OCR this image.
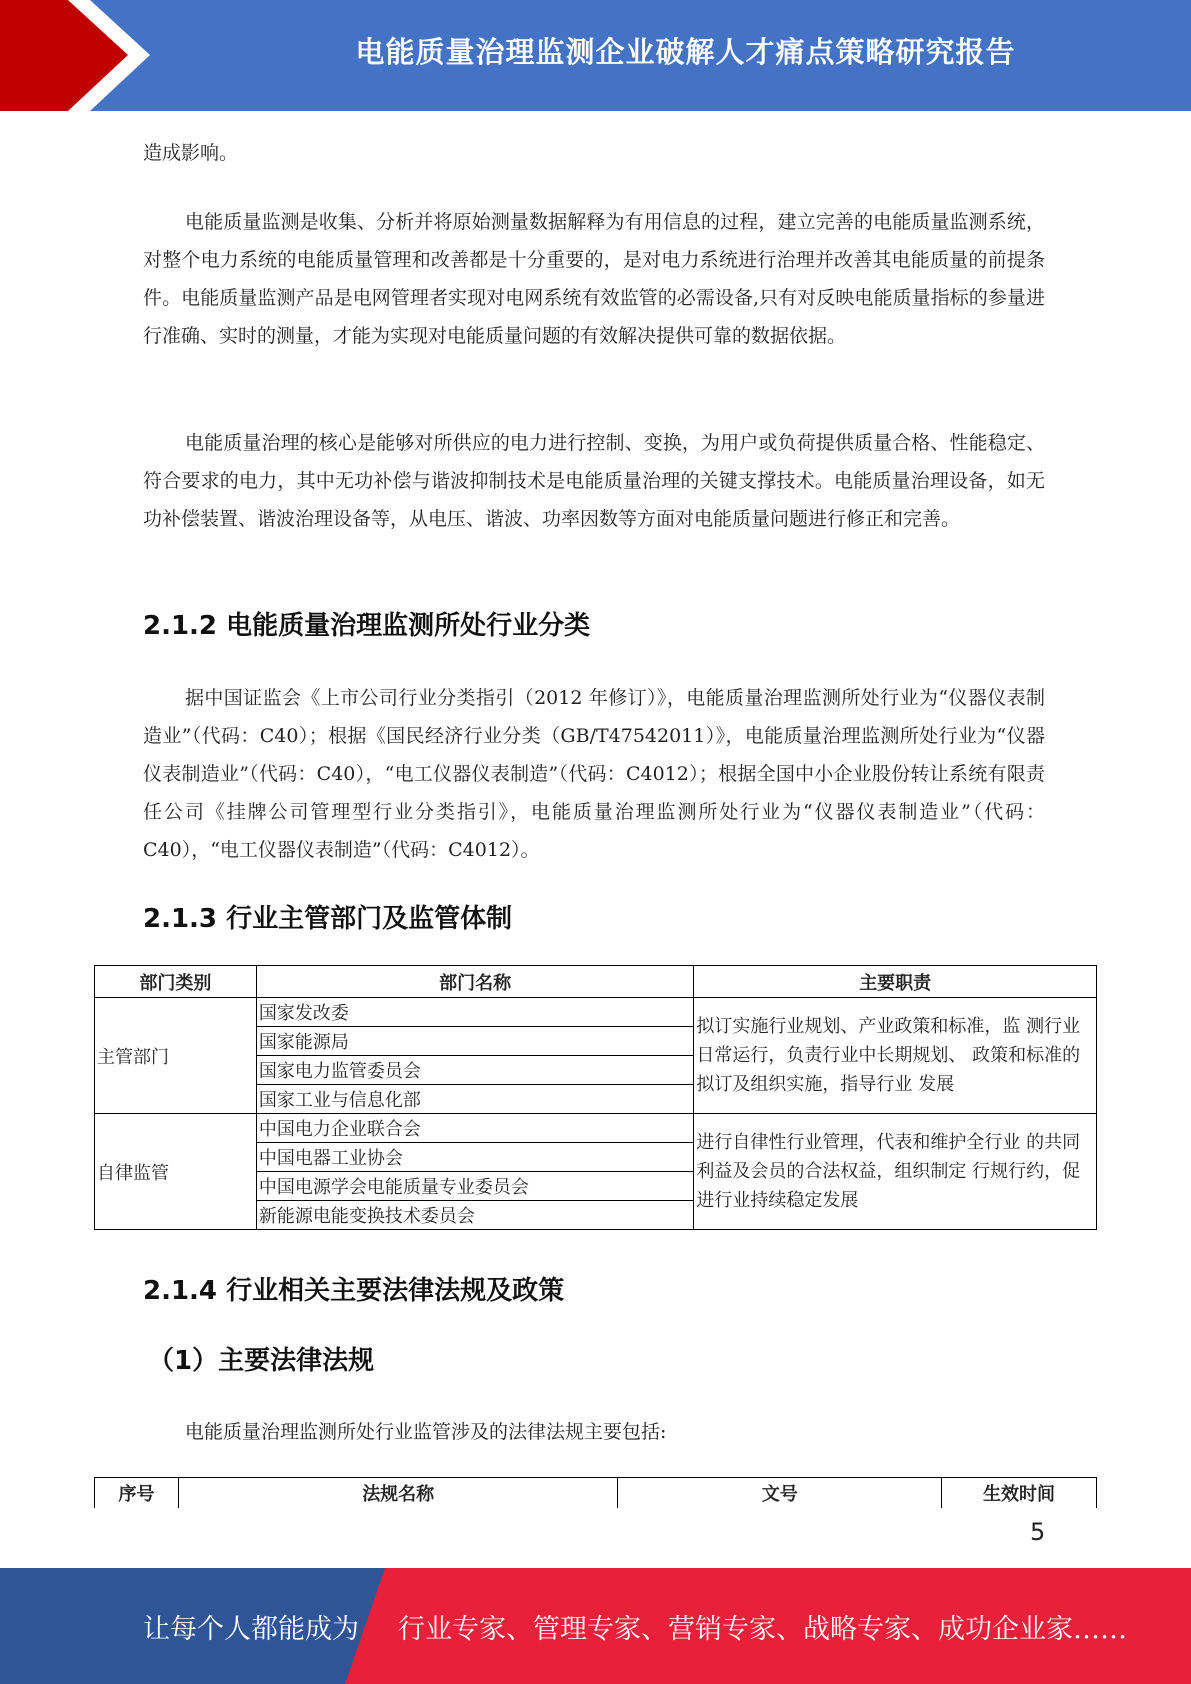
电能质量治理监测企业破解人才痛点策略研究报告

造成影响。

电能质量监测是收集、分析并将原始测量数据解释为有用信息的过程，建立完善的电能质量监测系统，对整个电力系统的电能质量管理和改善都是十分重要的，是对电力系统进行治理并改善其电能质量的前提条件。电能质量监测产品是电网管理者实现对电网系统有效监管的必需设备,只有对反映电能质量指标的参量进行准确、实时的测量，才能为实现对电能质量问题的有效解决提供可靠的数据依据。

电能质量治理的核心是能够对所供应的电力进行控制、变换，为用户或负荷提供质量合格、性能稳定、符合要求的电力，其中无功补偿与谐波抑制技术是电能质量治理的关键支撑技术。电能质量治理设备，如无功补偿装置、谐波治理设备等，从电压、谐波、功率因数等方面对电能质量问题进行修正和完善。

2.1.2 电能质量治理监测所处行业分类

据中国证监会《上市公司行业分类指引（2012 年修订）》，电能质量治理监测所处行业为“仪器仪表制造业”（代码：C40）；根据《国民经济行业分类（GB/T47542011）》，电能质量治理监测所处行业为“仪器仪表制造业”（代码：C40），“电工仪器仪表制造”（代码：C4012）；根据全国中小企业股份转让系统有限责任公司《挂牌公司管理型行业分类指引》，电能质量治理监测所处行业为“仪器仪表制造业”（代码：C40），“电工仪器仪表制造”（代码：C4012）。

2.1.3 行业主管部门及监管体制
部门类别	部门名称	主要职责
主管部门	国家发改委	拟订实施行业规划、产业政策和标准，监 测行业日常运行，负责行业中长期规划、 政策和标准的拟订及组织实施，指导行业 发展
	国家能源局	
	国家电力监管委员会	
	国家工业与信息化部	
自律监管	中国电力企业联合会	进行自律性行业管理，代表和维护全行业 的共同利益及会员的合法权益，组织制定 行规行约，促进行业持续稳定发展
	中国电器工业协会	
	中国电源学会电能质量专业委员会	
	新能源电能变换技术委员会	
2.1.4 行业相关主要法律法规及政策
（1）主要法律法规

电能质量治理监测所处行业监管涉及的法律法规主要包括:

序号	法规名称	文号	生效时间
5
让每个人都能成为 行业专家、管理专家、营销专家、战略专家、成功企业家……
